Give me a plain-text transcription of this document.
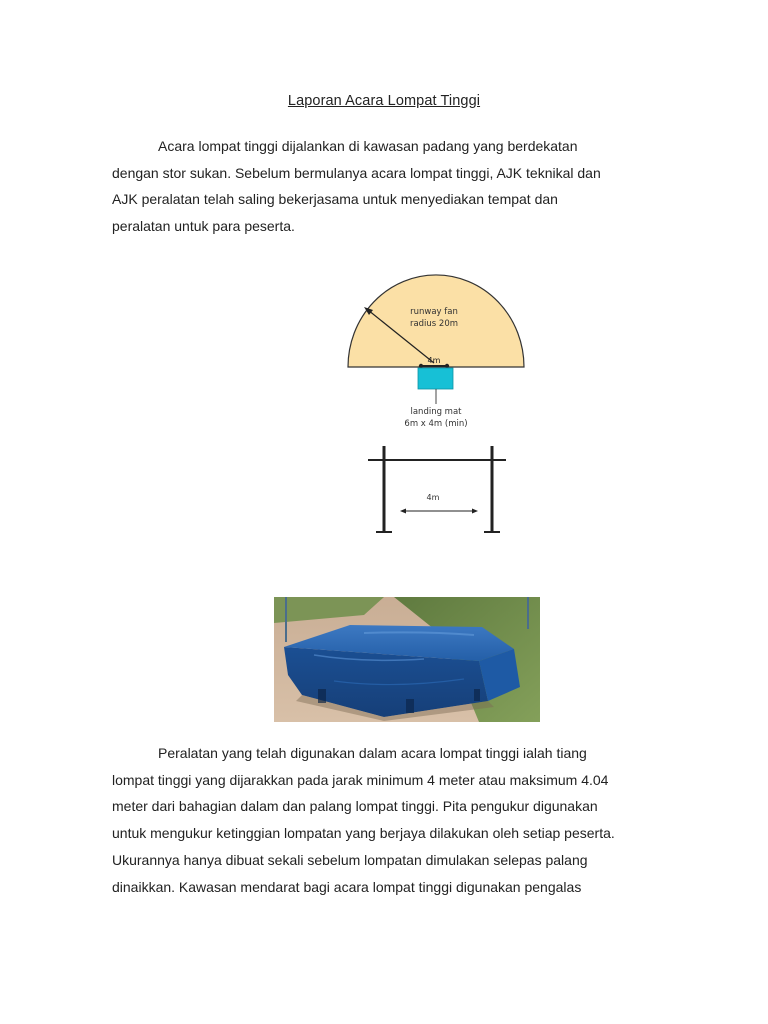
Laporan Acara Lompat Tinggi

Acara lompat tinggi dijalankan di kawasan padang yang berdekatan
dengan stor sukan. Sebelum bermulanya acara lompat tinggi, AJK teknikal dan
AJK peralatan telah saling bekerjasama untuk menyediakan tempat dan
peralatan untuk para peserta.

runway fan
radius 20m
4m
landing mat
6m x 4m (min)
4m

Peralatan yang telah digunakan dalam acara lompat tinggi ialah tiang
lompat tinggi yang dijarakkan pada jarak minimum 4 meter atau maksimum 4.04
meter dari bahagian dalam dan palang lompat tinggi. Pita pengukur digunakan
untuk mengukur ketinggian lompatan yang berjaya dilakukan oleh setiap peserta.
Ukurannya hanya dibuat sekali sebelum lompatan dimulakan selepas palang
dinaikkan. Kawasan mendarat bagi acara lompat tinggi digunakan pengalas
